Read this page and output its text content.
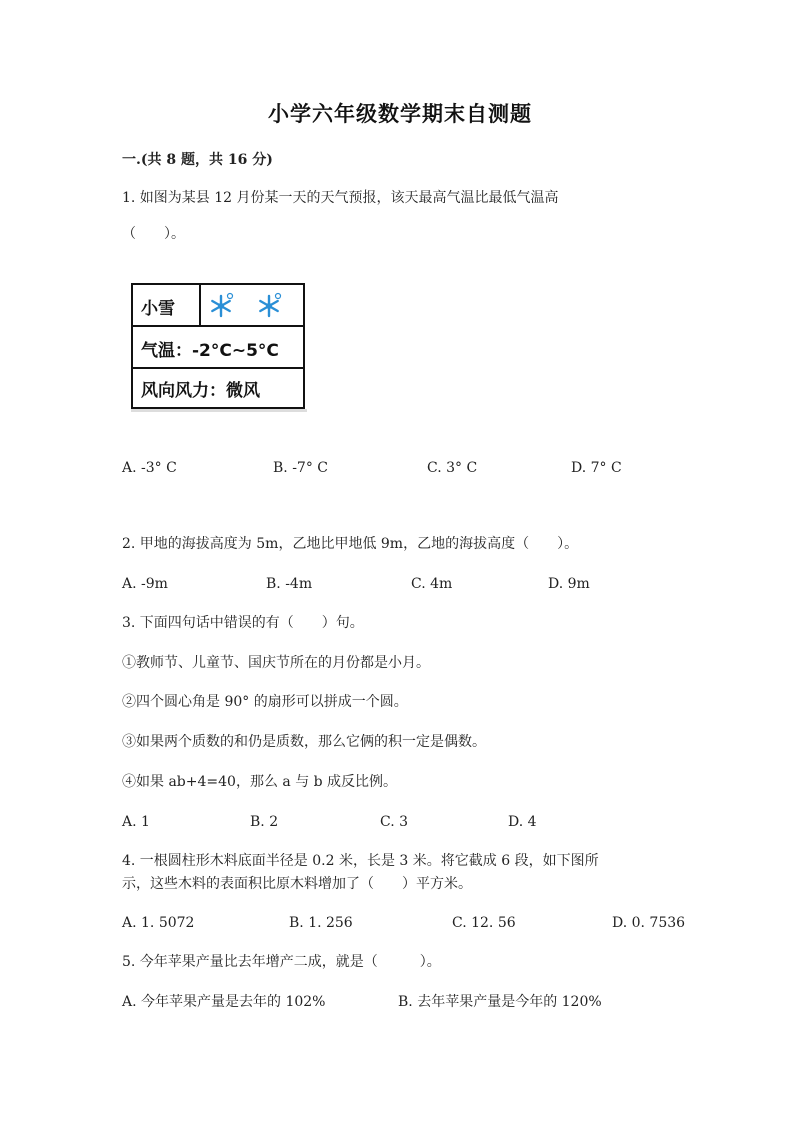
小学六年级数学期末自测题
一.(共 8 题，共 16 分)
1. 如图为某县 12 月份某一天的天气预报，该天最高气温比最低气温高
（　　）。
小雪
气温：-2°C~5°C
风向风力：微风
A. -3° C	B. -7° C	C. 3° C	D. 7° C
2. 甲地的海拔高度为 5m，乙地比甲地低 9m，乙地的海拔高度（　　）。
A. -9m	B. -4m	C. 4m	D. 9m
3. 下面四句话中错误的有（　　）句。
①教师节、儿童节、国庆节所在的月份都是小月。
②四个圆心角是 90° 的扇形可以拼成一个圆。
③如果两个质数的和仍是质数，那么它俩的积一定是偶数。
④如果 ab+4=40，那么 a 与 b 成反比例。
A. 1	B. 2	C. 3	D. 4
4. 一根圆柱形木料底面半径是 0.2 米，长是 3 米。将它截成 6 段，如下图所
示，这些木料的表面积比原木料增加了（　　）平方米。
A. 1. 5072	B. 1. 256	C. 12. 56	D. 0. 7536
5. 今年苹果产量比去年增产二成，就是（　　　）。
A. 今年苹果产量是去年的 102%	B. 去年苹果产量是今年的 120%
